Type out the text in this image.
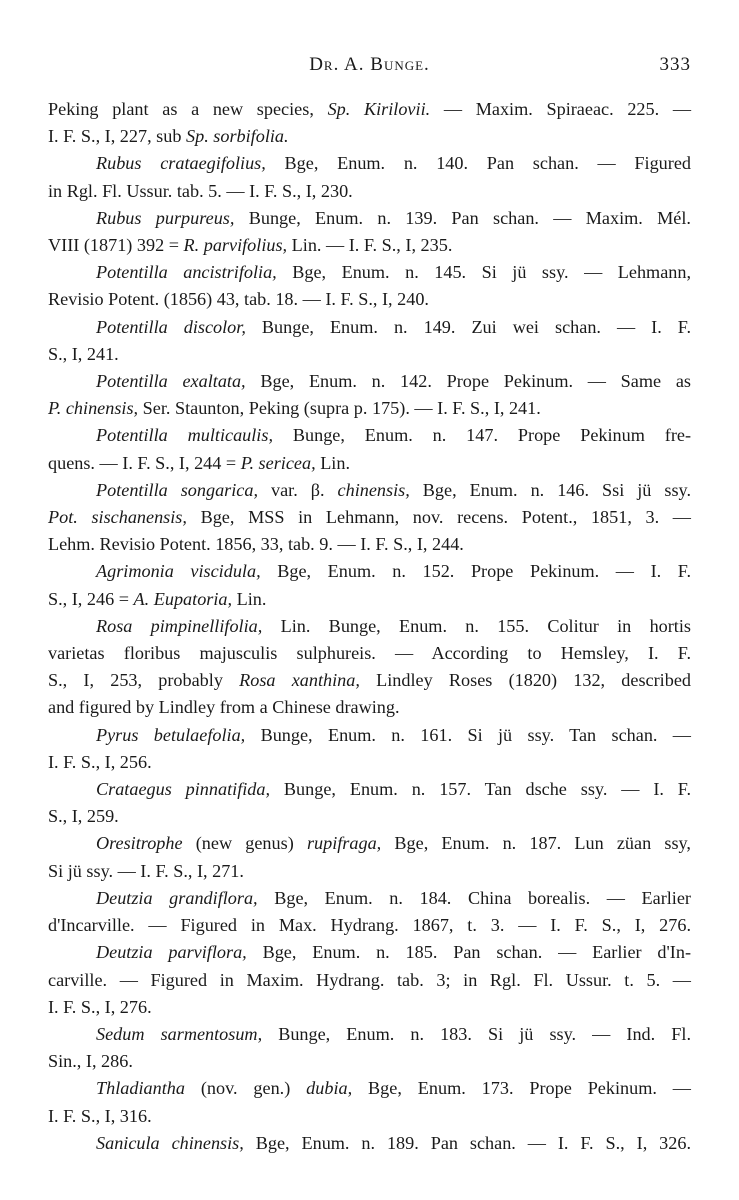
Dr. A. Bunge.	333
Peking plant as a new species, Sp. Kirilovii. — Maxim. Spiraeac. 225. —
I. F. S., I, 227, sub Sp. sorbifolia.
Rubus crataegifolius, Bge, Enum. n. 140. Pan schan. — Figured
in Rgl. Fl. Ussur. tab. 5. — I. F. S., I, 230.
Rubus purpureus, Bunge, Enum. n. 139. Pan schan. — Maxim. Mél.
VIII (1871) 392 = R. parvifolius, Lin. — I. F. S., I, 235.
Potentilla ancistrifolia, Bge, Enum. n. 145. Si jü ssy. — Lehmann,
Revisio Potent. (1856) 43, tab. 18. — I. F. S., I, 240.
Potentilla discolor, Bunge, Enum. n. 149. Zui wei schan. — I. F.
S., I, 241.
Potentilla exaltata, Bge, Enum. n. 142. Prope Pekinum. — Same as
P. chinensis, Ser. Staunton, Peking (supra p. 175). — I. F. S., I, 241.
Potentilla multicaulis, Bunge, Enum. n. 147. Prope Pekinum fre-
quens. — I. F. S., I, 244 = P. sericea, Lin.
Potentilla songarica, var. β. chinensis, Bge, Enum. n. 146. Ssi jü ssy.
Pot. sischanensis, Bge, MSS in Lehmann, nov. recens. Potent., 1851, 3. —
Lehm. Revisio Potent. 1856, 33, tab. 9. — I. F. S., I, 244.
Agrimonia viscidula, Bge, Enum. n. 152. Prope Pekinum. — I. F.
S., I, 246 = A. Eupatoria, Lin.
Rosa pimpinellifolia, Lin. Bunge, Enum. n. 155. Colitur in hortis
varietas floribus majusculis sulphureis. — According to Hemsley, I. F.
S., I, 253, probably Rosa xanthina, Lindley Roses (1820) 132, described
and figured by Lindley from a Chinese drawing.
Pyrus betulaefolia, Bunge, Enum. n. 161. Si jü ssy. Tan schan. —
I. F. S., I, 256.
Crataegus pinnatifida, Bunge, Enum. n. 157. Tan dsche ssy. — I. F.
S., I, 259.
Oresitrophe (new genus) rupifraga, Bge, Enum. n. 187. Lun züan ssy,
Si jü ssy. — I. F. S., I, 271.
Deutzia grandiflora, Bge, Enum. n. 184. China borealis. — Earlier
d'Incarville. — Figured in Max. Hydrang. 1867, t. 3. — I. F. S., I, 276.
Deutzia parviflora, Bge, Enum. n. 185. Pan schan. — Earlier d'In-
carville. — Figured in Maxim. Hydrang. tab. 3; in Rgl. Fl. Ussur. t. 5. —
I. F. S., I, 276.
Sedum sarmentosum, Bunge, Enum. n. 183. Si jü ssy. — Ind. Fl.
Sin., I, 286.
Thladiantha (nov. gen.) dubia, Bge, Enum. 173. Prope Pekinum. —
I. F. S., I, 316.
Sanicula chinensis, Bge, Enum. n. 189. Pan schan. — I. F. S., I, 326.
